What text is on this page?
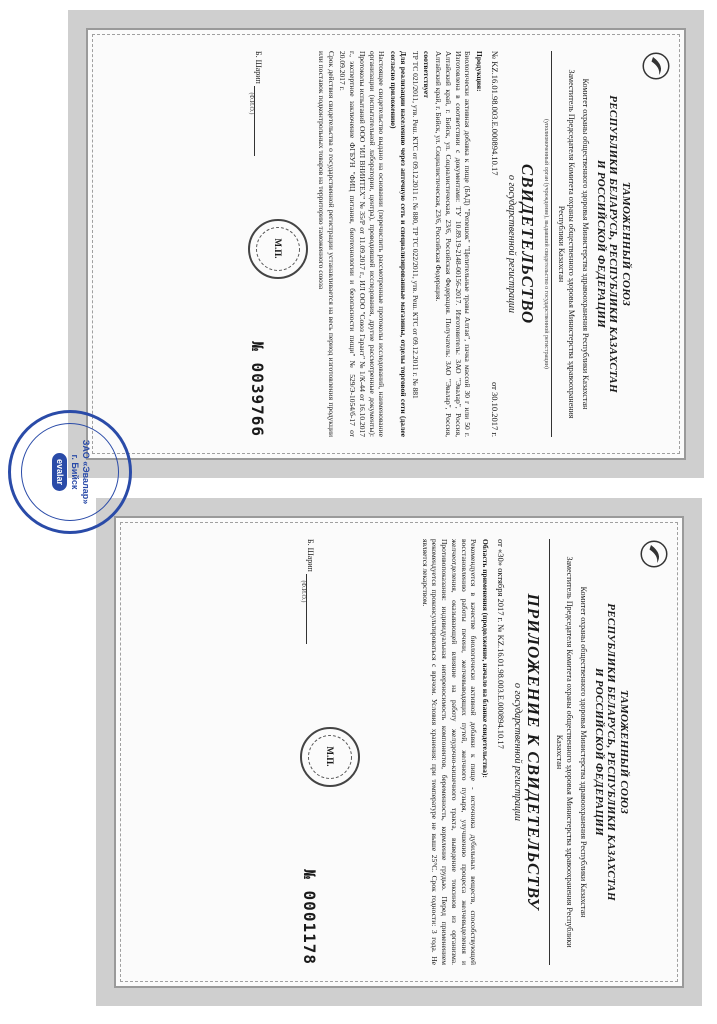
ТАМОЖЕННЫЙ СОЮЗ
РЕСПУБЛИКИ БЕЛАРУСЬ, РЕСПУБЛИКИ КАЗАХСТАН
И РОССИЙСКОЙ ФЕДЕРАЦИИ
Комитет охраны общественного здоровья Министерства здравоохранения Республики Казахстан
Заместитель Председателя Комитета охраны общественного здоровья Министерства здравоохранения Республики Казахстан
(уполномоченный орган (учреждение), выдавший свидетельство о государственной регистрации)
СВИДЕТЕЛЬСТВО
о государственной регистрации
№ KZ.16.01.98.003.Е.000894.10.17
от 30.10.2017 г.

Продукция:

Биологически активная добавка к пище (БАД) "Репешок" "Целительные травы Алтая", пачка массой 30 г или 50 г. Изготовлена в соответствии с документами: ТУ 10.89.19-2148-00156-2017. Изготовитель: ЗАО "Эвалар", Россия, Алтайский край, г. Бийск, ул. Социалистическая, 23/6, Российская Федерация. Получатель: ЗАО "Эвалар", Россия, Алтайский край, г. Бийск, ул. Социалистическая, 23/6, Российская Федерация.

соответствует

ТР ТС 021/2011, утв. Реш. КТС от 09.12.2011 г. № 880, ТР ТС 022/2011, утв. Реш. КТС от 09.12.2011 г. № 881

Для реализации населению через аптечную сеть и специализированные магазины, отделы торговой сети (далее согласно приложению)

Настоящее свидетельство выдано на основании (перечислить рассмотренные протоколы исследований, наименование организации (испытательной лаборатории, центра), проводившей исследования, другие рассмотренные документы): Протоколы испытаний ООО "ИЛ ВНИИТЕХ" № 35/Р от 11.09.2017 г., ИЛ ООО "Союз Гарант" № 1/К-44 от 16.10.2017 г., экспертное заключение ФГБУН "ФИЦ питания, биотехнологии и безопасности пищи" № 529/Э-1054/б-17 от 20.09.2017 г.

Срок действия свидетельства о государственной регистрации устанавливается на весь период изготовления продукции или поставок подконтрольных товаров на территорию таможенного союза

Б. Шарип
(Ф.И.О.)
М.П.
№ 0039766
ТАМОЖЕННЫЙ СОЮЗ
РЕСПУБЛИКИ БЕЛАРУСЬ, РЕСПУБЛИКИ КАЗАХСТАН
И РОССИЙСКОЙ ФЕДЕРАЦИИ
Комитет охраны общественного здоровья Министерства здравоохранения Республики Казахстан
Заместитель Председателя Комитета охраны общественного здоровья Министерства здравоохранения Республики Казахстан
ПРИЛОЖЕНИЕ К СВИДЕТЕЛЬСТВУ
о государственной регистрации
от «30» октября 2017 г. № KZ.16.01.98.003.Е.000894.10.17

Область применения (продолжение, начало на бланке свидетельства):

Рекомендуется в качестве биологически активной добавки к пище - источника дубильных веществ, способствующей восстановлению работы печени, желчевыводящих путей, желчного пузыря, улучшению процесса желчевыделения и желчеотделения, оказывающей влияние на работу желудочно-кишечного тракта, выведение токсинов из организма. Противопоказания: индивидуальная непереносимость компонентов, беременность, кормление грудью. Перед применением рекомендуется проконсультироваться с врачом. Условия хранения: при температуре не выше 25°С. Срок годности: 3 года. Не является лекарством.

Б. Шарип
(Ф.И.О.)
М.П.
№ 0001178
ЗАО «Эвалар» г. Бийск
evalar
